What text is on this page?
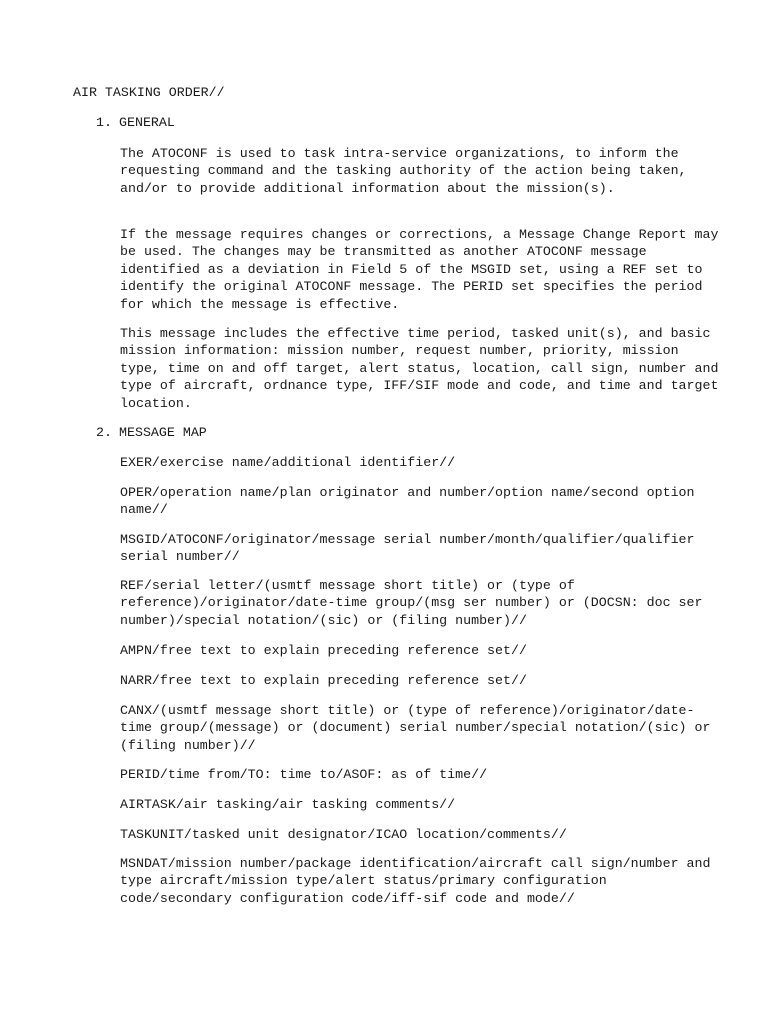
AIR TASKING ORDER//

1. GENERAL

The ATOCONF is used to task intra-service organizations, to inform the requesting command and the tasking authority of the action being taken, and/or to provide additional information about the mission(s).

If the message requires changes or corrections, a Message Change Report may be used. The changes may be transmitted as another ATOCONF message identified as a deviation in Field 5 of the MSGID set, using a REF set to identify the original ATOCONF message. The PERID set specifies the period for which the message is effective.

This message includes the effective time period, tasked unit(s), and basic mission information: mission number, request number, priority, mission type, time on and off target, alert status, location, call sign, number and type of aircraft, ordnance type, IFF/SIF mode and code, and time and target location.

2. MESSAGE MAP

EXER/exercise name/additional identifier//

OPER/operation name/plan originator and number/option name/second option name//

MSGID/ATOCONF/originator/message serial number/month/qualifier/qualifier serial number//

REF/serial letter/(usmtf message short title) or (type of reference)/originator/date-time group/(msg ser number) or (DOCSN: doc ser number)/special notation/(sic) or (filing number)//

AMPN/free text to explain preceding reference set//

NARR/free text to explain preceding reference set//

CANX/(usmtf message short title) or (type of reference)/originator/date-time group/(message) or (document) serial number/special notation/(sic) or (filing number)//

PERID/time from/TO: time to/ASOF: as of time//

AIRTASK/air tasking/air tasking comments//

TASKUNIT/tasked unit designator/ICAO location/comments//

MSNDAT/mission number/package identification/aircraft call sign/number and type aircraft/mission type/alert status/primary configuration code/secondary configuration code/iff-sif code and mode//
